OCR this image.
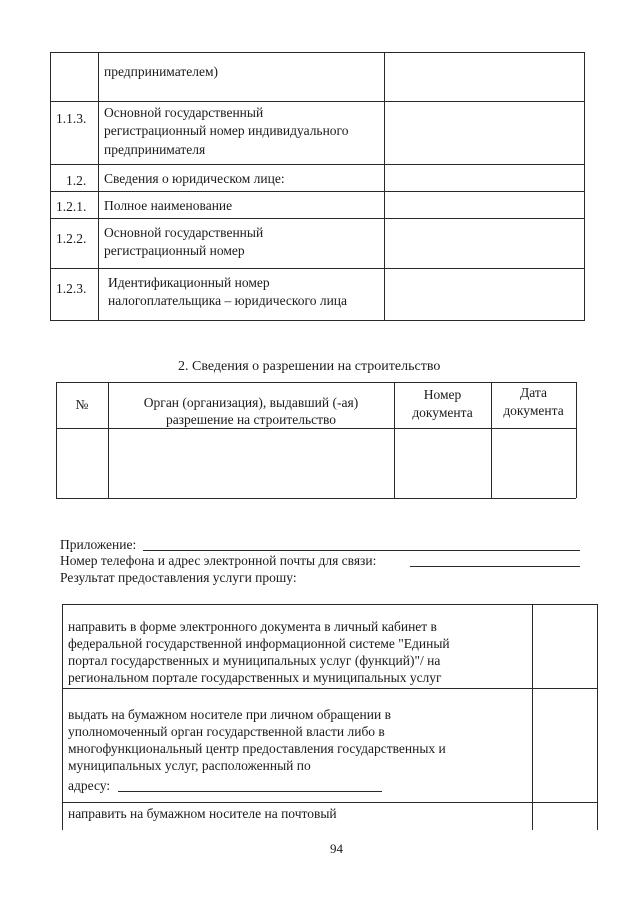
предпринимателем)
1.1.3. Основной государственный
регистрационный номер индивидуального
предпринимателя
1.2. Сведения о юридическом лице:
1.2.1. Полное наименование
1.2.2. Основной государственный
регистрационный номер
1.2.3. Идентификационный номер
налогоплательщика – юридического лица
2. Сведения о разрешении на строительство
№	Орган (организация), выдавший (-ая)
разрешение на строительство
Номер
документа
Дата
документа
Приложение:
Номер телефона и адрес электронной почты для связи:
Результат предоставления услуги прошу:
направить в форме электронного документа в личный кабинет в
федеральной государственной информационной системе "Единый
портал государственных и муниципальных услуг (функций)"/ на
региональном портале государственных и муниципальных услуг
выдать на бумажном носителе при личном обращении в
уполномоченный орган государственной власти либо в
многофункциональный центр предоставления государственных и
муниципальных услуг, расположенный по
адресу:
направить на бумажном носителе на почтовый
94
